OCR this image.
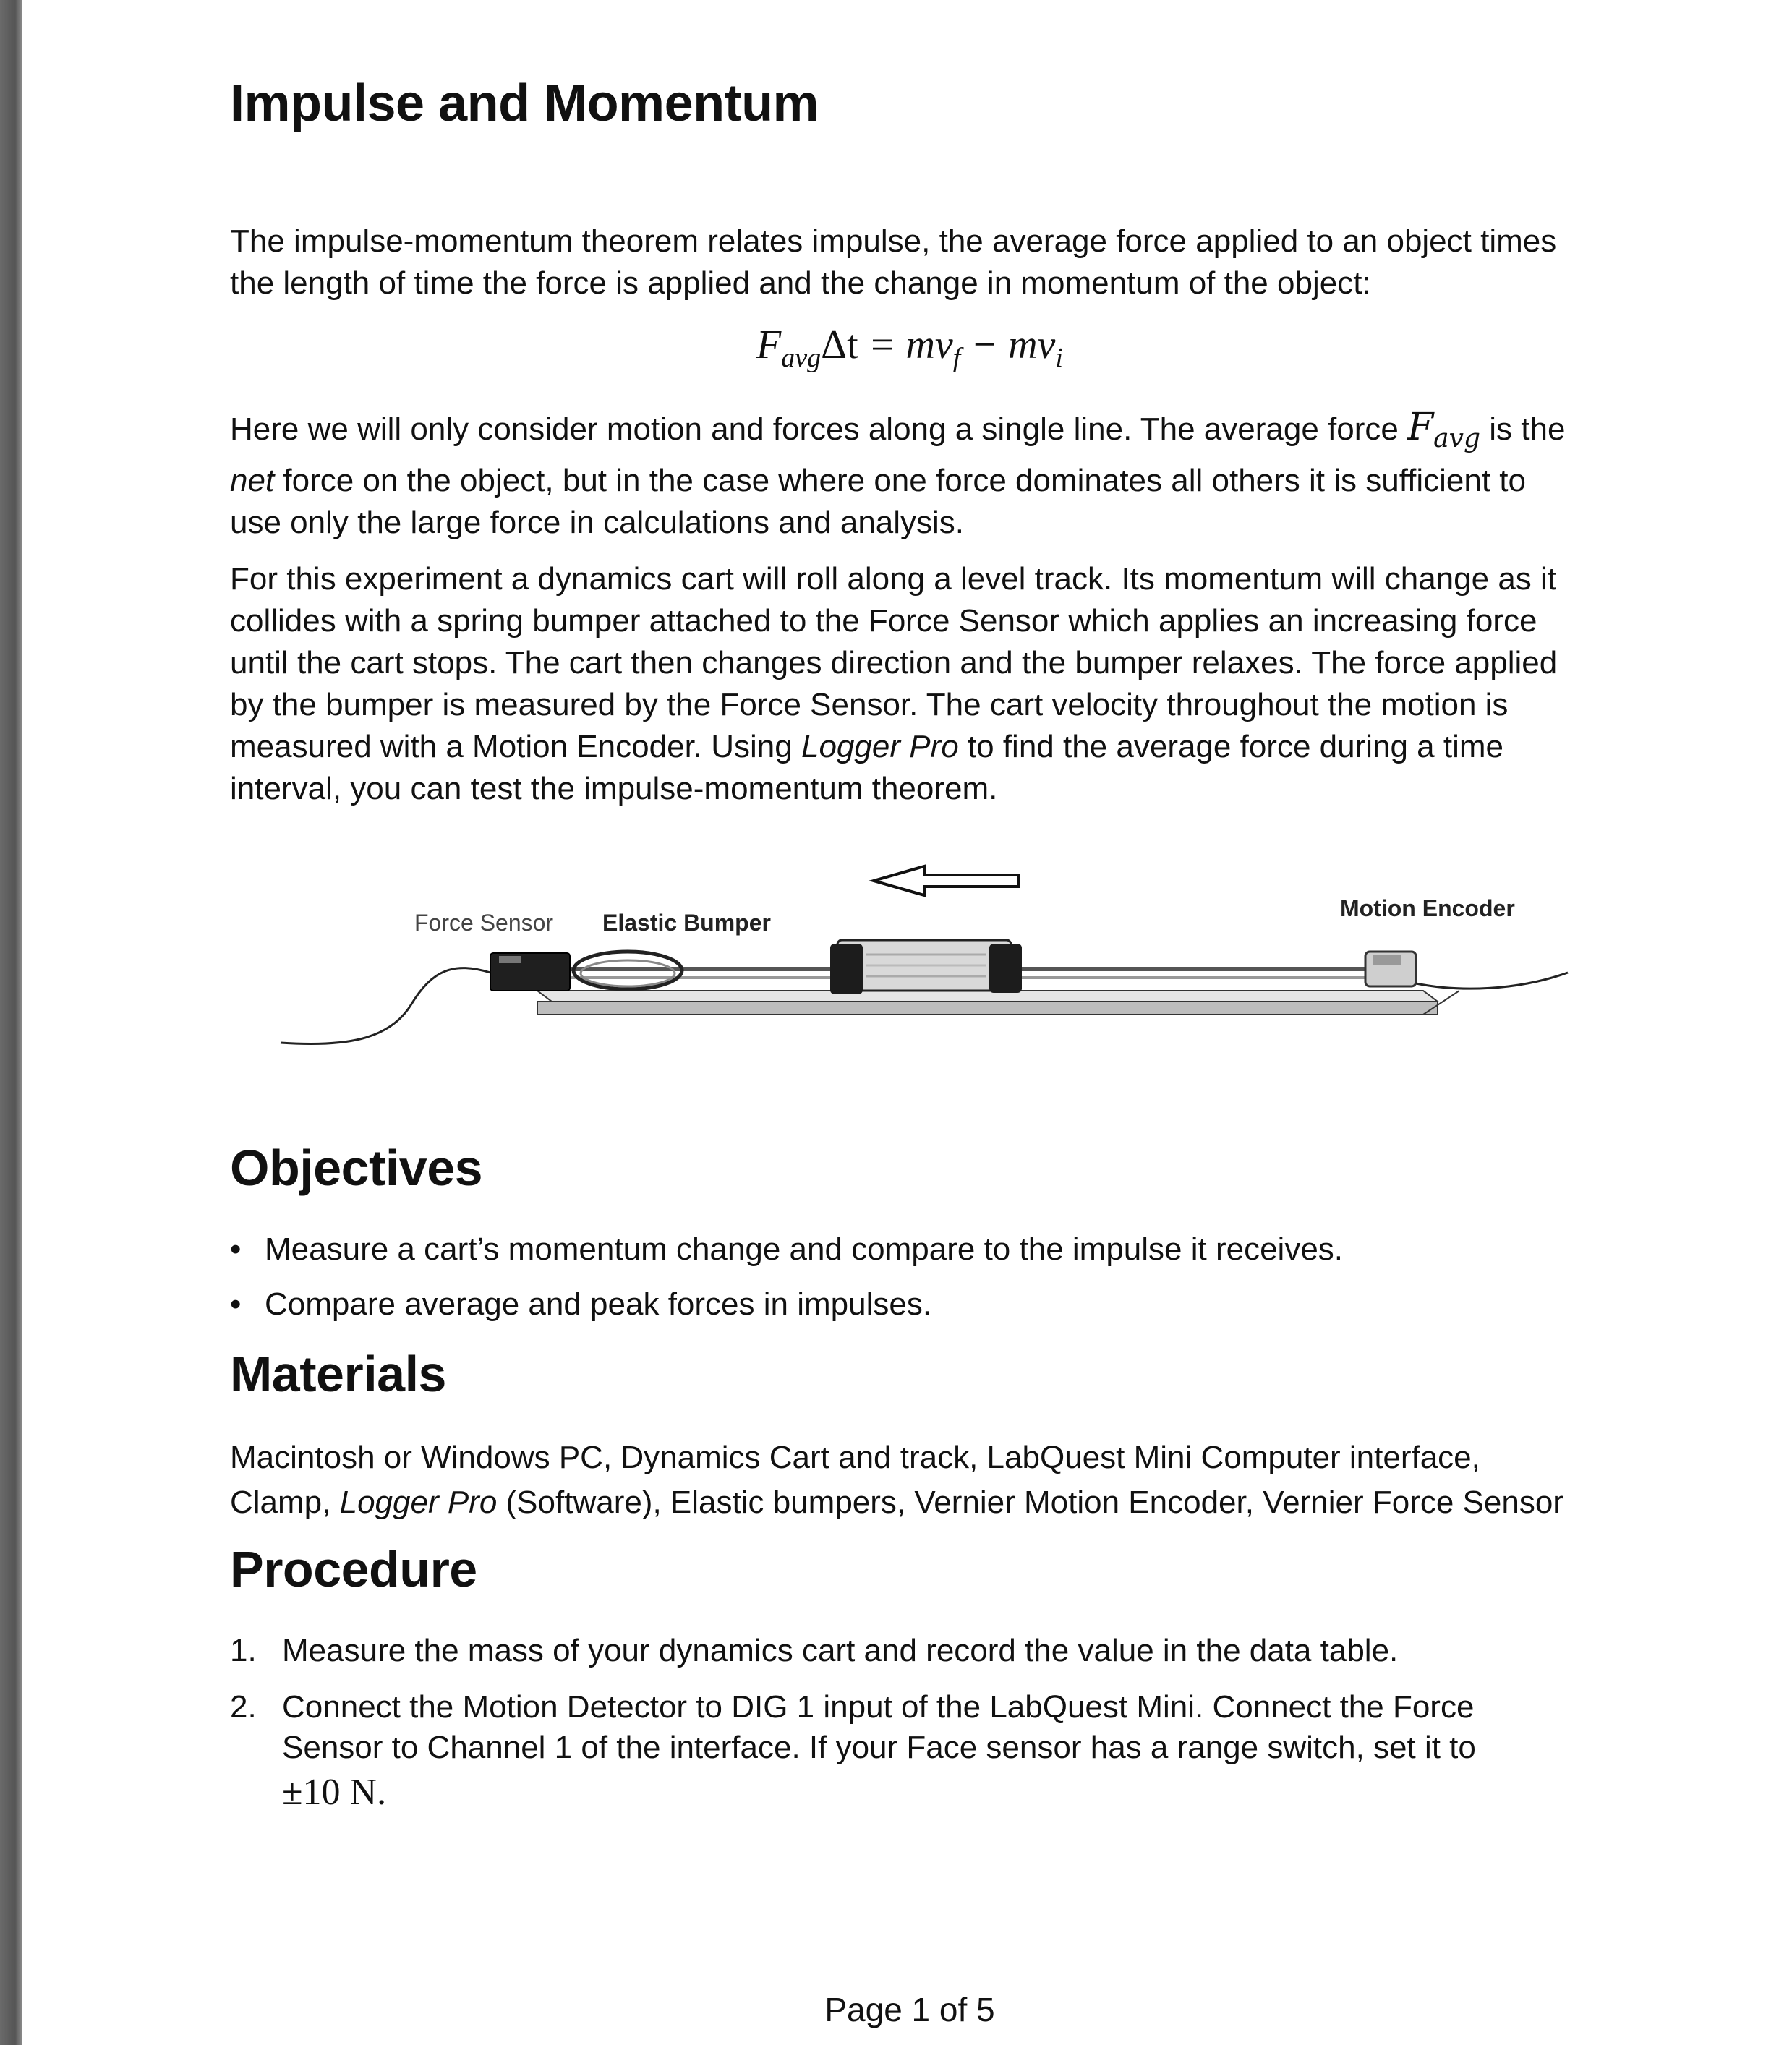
Impulse and Momentum
The impulse-momentum theorem relates impulse, the average force applied to an object times
the length of time the force is applied and the change in momentum of the object:
$F_{avg}\Delta t = mv_f - mv_i$
Here we will only consider motion and forces along a single line. The average force $F_{avg}$ is the
net force on the object, but in the case where one force dominates all others it is sufficient to
use only the large force in calculations and analysis.
For this experiment a dynamics cart will roll along a level track. Its momentum will change as it
collides with a spring bumper attached to the Force Sensor which applies an increasing force
until the cart stops. The cart then changes direction and the bumper relaxes. The force applied
by the bumper is measured by the Force Sensor. The cart velocity throughout the motion is
measured with a Motion Encoder. Using Logger Pro to find the average force during a time
interval, you can test the impulse-momentum theorem.
Force Sensor Elastic Bumper
Motion Encoder
Objectives
• Measure a cart’s momentum change and compare to the impulse it receives.
• Compare average and peak forces in impulses.
Materials
Macintosh or Windows PC, Dynamics Cart and track, LabQuest Mini Computer interface,
Clamp, Logger Pro (Software), Elastic bumpers, Vernier Motion Encoder, Vernier Force Sensor
Procedure
1. Measure the mass of your dynamics cart and record the value in the data table.
2. Connect the Motion Detector to DIG 1 input of the LabQuest Mini. Connect the Force
Sensor to Channel 1 of the interface. If your Face sensor has a range switch, set it to
±10 N.
Page 1 of 5
